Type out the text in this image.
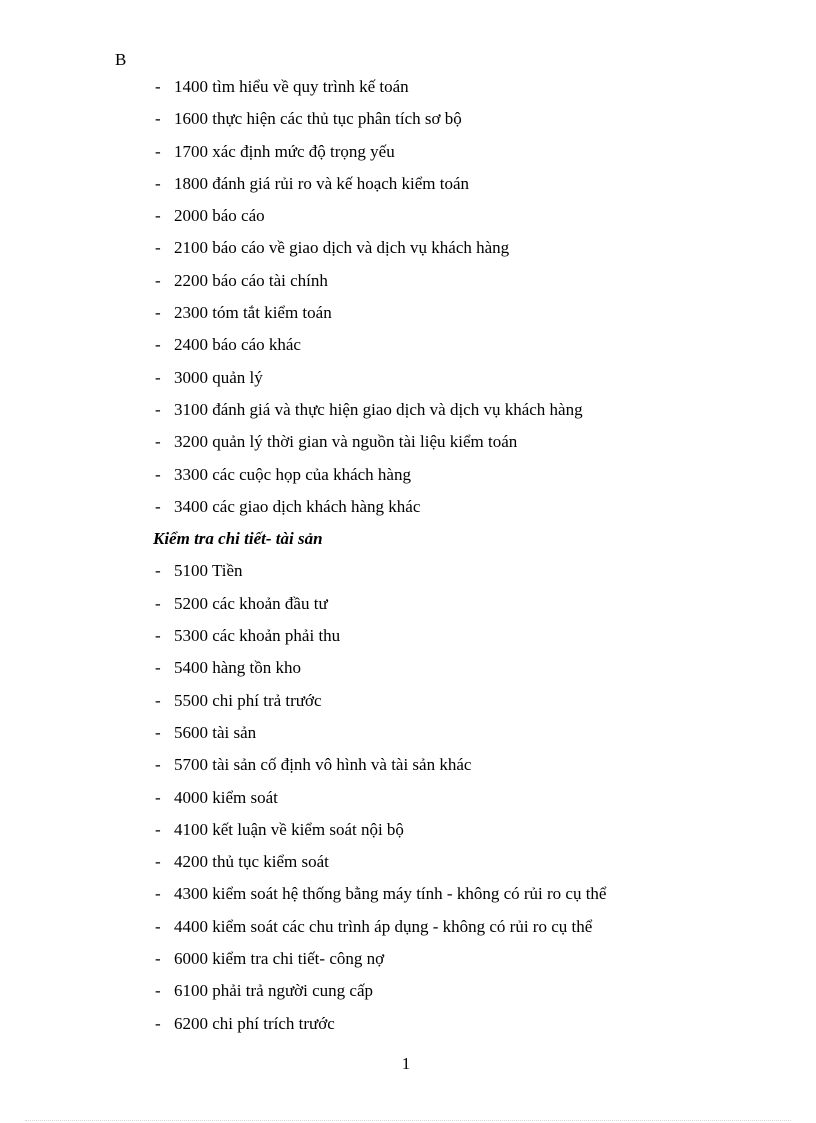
B
- 1400 tìm hiểu về quy trình kế toán
- 1600 thực hiện các thủ tục phân tích sơ bộ
- 1700 xác định mức độ trọng yếu
- 1800 đánh giá rủi ro và kế hoạch kiểm toán
- 2000 báo cáo
- 2100 báo cáo về giao dịch và dịch vụ khách hàng
- 2200 báo cáo tài chính
- 2300 tóm tắt kiểm toán
- 2400 báo cáo khác
- 3000 quản lý
- 3100 đánh giá và thực hiện giao dịch và dịch vụ khách hàng
- 3200 quản lý thời gian và nguồn tài liệu kiểm toán
- 3300 các cuộc họp của khách hàng
- 3400 các giao dịch khách hàng khác
Kiểm tra chi tiết- tài sản
- 5100 Tiền
- 5200 các khoản đầu tư
- 5300 các khoản phải thu
- 5400 hàng tồn kho
- 5500 chi phí trả trước
- 5600 tài sản
- 5700 tài sản cố định vô hình và tài sản khác
- 4000 kiểm soát
- 4100 kết luận về kiểm soát nội bộ
- 4200 thủ tục kiểm soát
- 4300 kiểm soát hệ thống bằng máy tính - không có rủi ro cụ thể
- 4400 kiểm soát các chu trình áp dụng - không có rủi ro cụ thể
- 6000 kiểm tra chi tiết- công nợ
- 6100 phải trả người cung cấp
- 6200 chi phí trích trước
1
